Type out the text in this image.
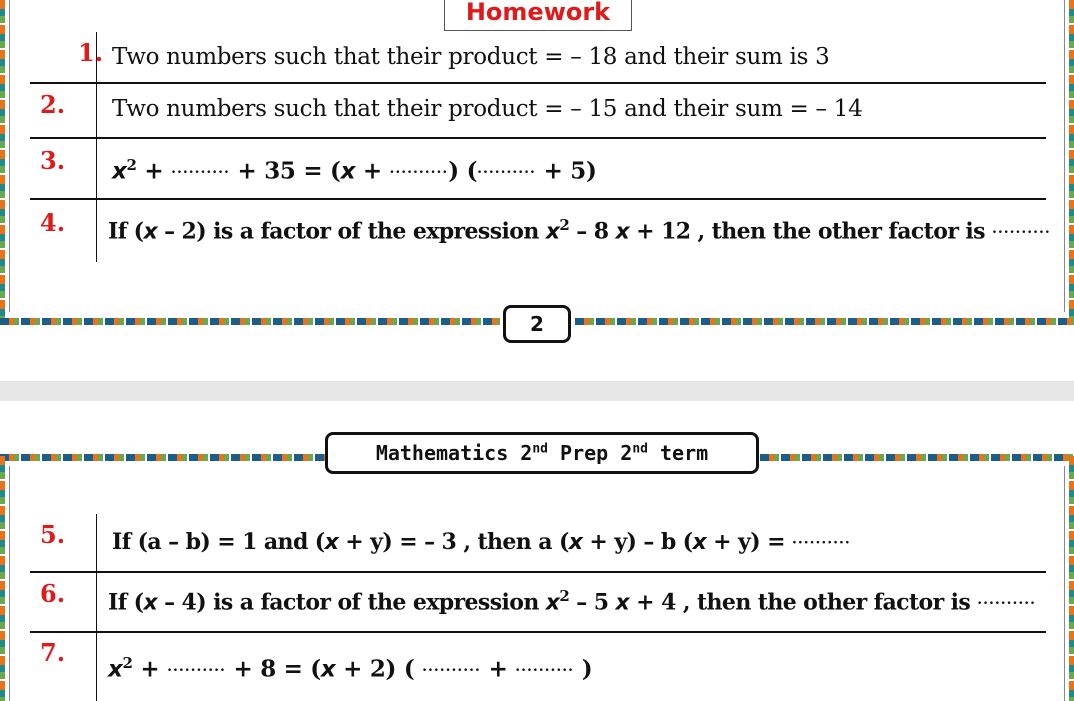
Homework
1. Two numbers such that their product = – 18 and their sum is 3
2. Two numbers such that their product = – 15 and their sum = – 14
3. $x^2$ + ·········· + 35 = (x + ··········) (·········· + 5)
4. If (x – 2) is a factor of the expression $x^2 - 8$ x + 12 , then the other factor is ··········
2
5. If (a – b) = 1 and (x + y) = – 3 , then a (x + y) – b (x + y) = ··········
6. If (x – 4) is a factor of the expression $x^2 - 5$ x + 4 , then the other factor is ··········
7.
$x^2$ + ·········· + 8 = (x + 2) ( ·········· + ·········· )
Mathematics 2nd Prep 2nd term
